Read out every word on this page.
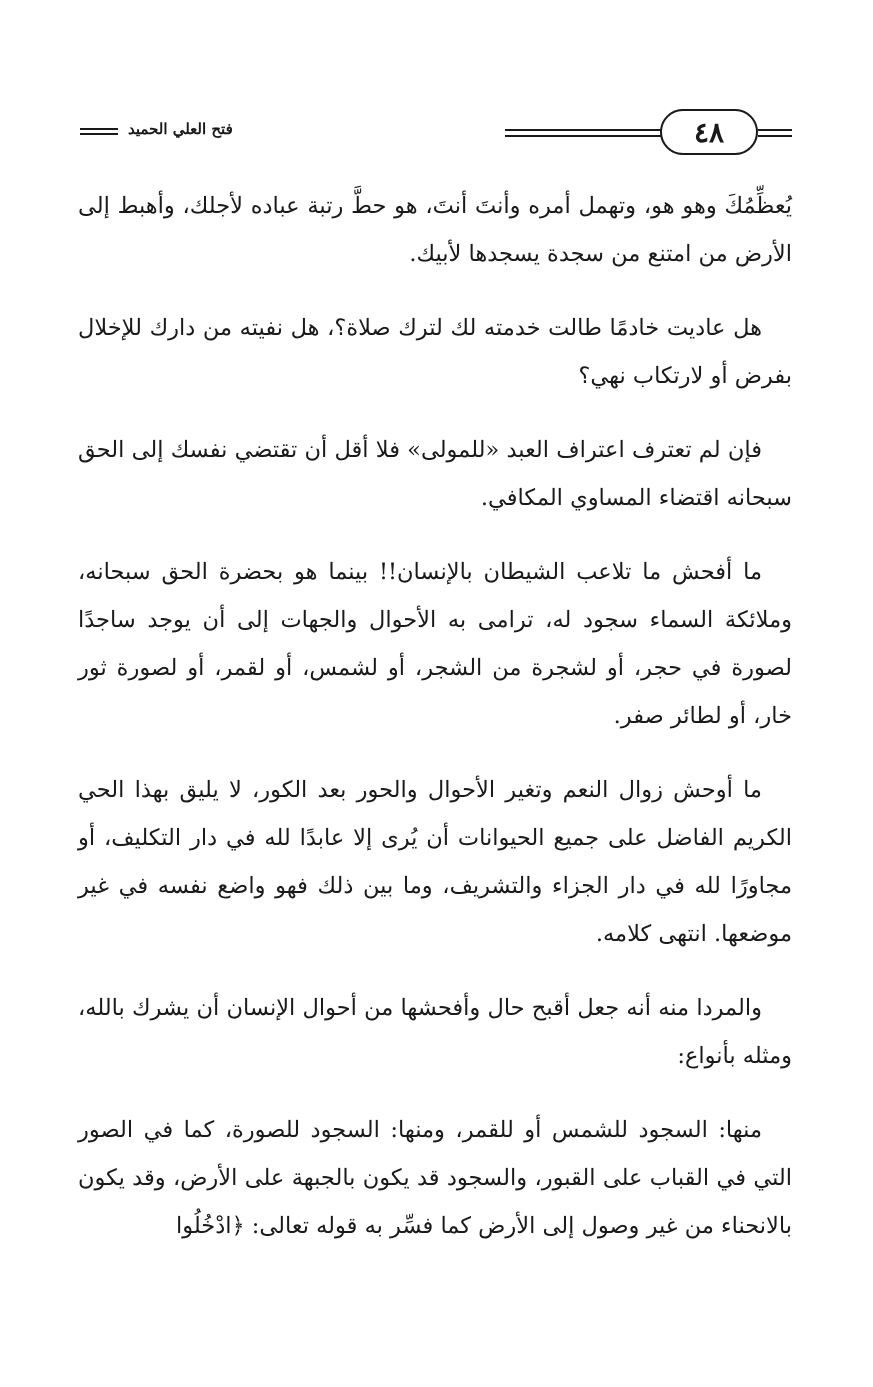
فتح العلي الحميد	٤٨

يُعظِّمُكَ وهو هو، وتهمل أمره وأنتَ أنتَ، هو حطَّ رتبة عباده لأجلك، وأهبط إلى الأرض من امتنع من سجدة يسجدها لأبيك.

هل عاديت خادمًا طالت خدمته لك لترك صلاة؟، هل نفيته من دارك للإخلال بفرض أو لارتكاب نهي؟

فإن لم تعترف اعتراف العبد «للمولى» فلا أقل أن تقتضي نفسك إلى الحق سبحانه اقتضاء المساوي المكافي.

ما أفحش ما تلاعب الشيطان بالإنسان!! بينما هو بحضرة الحق سبحانه، وملائكة السماء سجود له، ترامى به الأحوال والجهات إلى أن يوجد ساجدًا لصورة في حجر، أو لشجرة من الشجر، أو لشمس، أو لقمر، أو لصورة ثور خار، أو لطائر صفر.

ما أوحش زوال النعم وتغير الأحوال والحور بعد الكور، لا يليق بهذا الحي الكريم الفاضل على جميع الحيوانات أن يُرى إلا عابدًا لله في دار التكليف، أو مجاورًا لله في دار الجزاء والتشريف، وما بين ذلك فهو واضع نفسه في غير موضعها. انتهى كلامه.

والمردا منه أنه جعل أقبح حال وأفحشها من أحوال الإنسان أن يشرك بالله، ومثله بأنواع:

منها: السجود للشمس أو للقمر، ومنها: السجود للصورة، كما في الصور التي في القباب على القبور، والسجود قد يكون بالجبهة على الأرض، وقد يكون بالانحناء من غير وصول إلى الأرض كما فسِّر به قوله تعالى: ﴿ادْخُلُوا
